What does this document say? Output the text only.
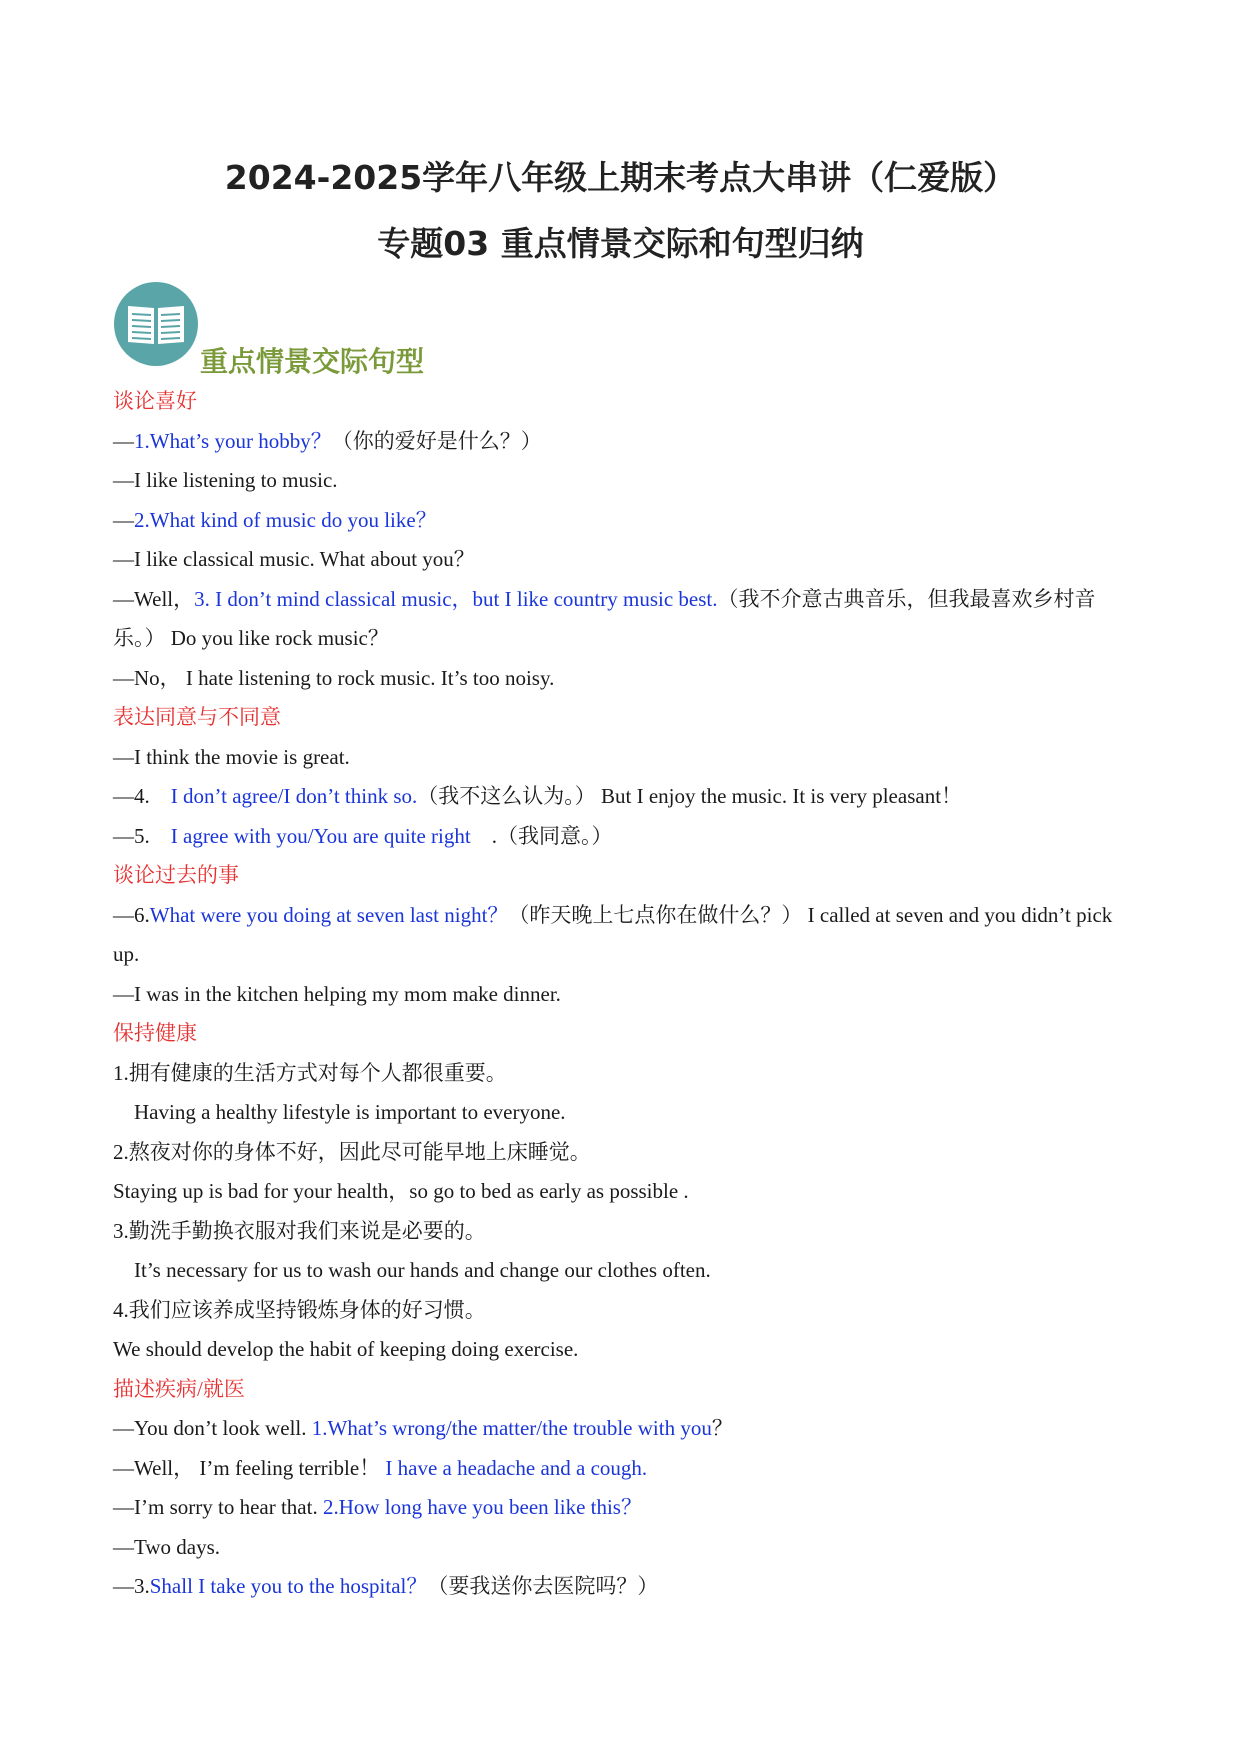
2024-2025学年八年级上期末考点大串讲（仁爱版）
专题03 重点情景交际和句型归纳
重点情景交际句型
谈论喜好
—1.What’s your hobby？（你的爱好是什么？）
—I like listening to music.
—2.What kind of music do you like？
—I like classical music. What about you？
—Well，3. I don’t mind classical music，but I like country music best.（我不介意古典音乐，但我最喜欢乡村音乐。） Do you like rock music？
—No， I hate listening to rock music. It’s too noisy.
表达同意与不同意
—I think the movie is great.
—4. I don’t agree/I don’t think so.（我不这么认为。） But I enjoy the music. It is very pleasant！
—5. I agree with you/You are quite right .（我同意。）
谈论过去的事
—6.What were you doing at seven last night？（昨天晚上七点你在做什么？） I called at seven and you didn’t pick up.
—I was in the kitchen helping my mom make dinner.
保持健康
1.拥有健康的生活方式对每个人都很重要。
Having a healthy lifestyle is important to everyone.
2.熬夜对你的身体不好，因此尽可能早地上床睡觉。
Staying up is bad for your health，so go to bed as early as possible .
3.勤洗手勤换衣服对我们来说是必要的。
It’s necessary for us to wash our hands and change our clothes often.
4.我们应该养成坚持锻炼身体的好习惯。
We should develop the habit of keeping doing exercise.
描述疾病/就医
—You don’t look well. 1.What’s wrong/the matter/the trouble with you？
—Well， I’m feeling terrible！ I have a headache and a cough.
—I’m sorry to hear that. 2.How long have you been like this？
—Two days.
—3.Shall I take you to the hospital？（要我送你去医院吗？）
